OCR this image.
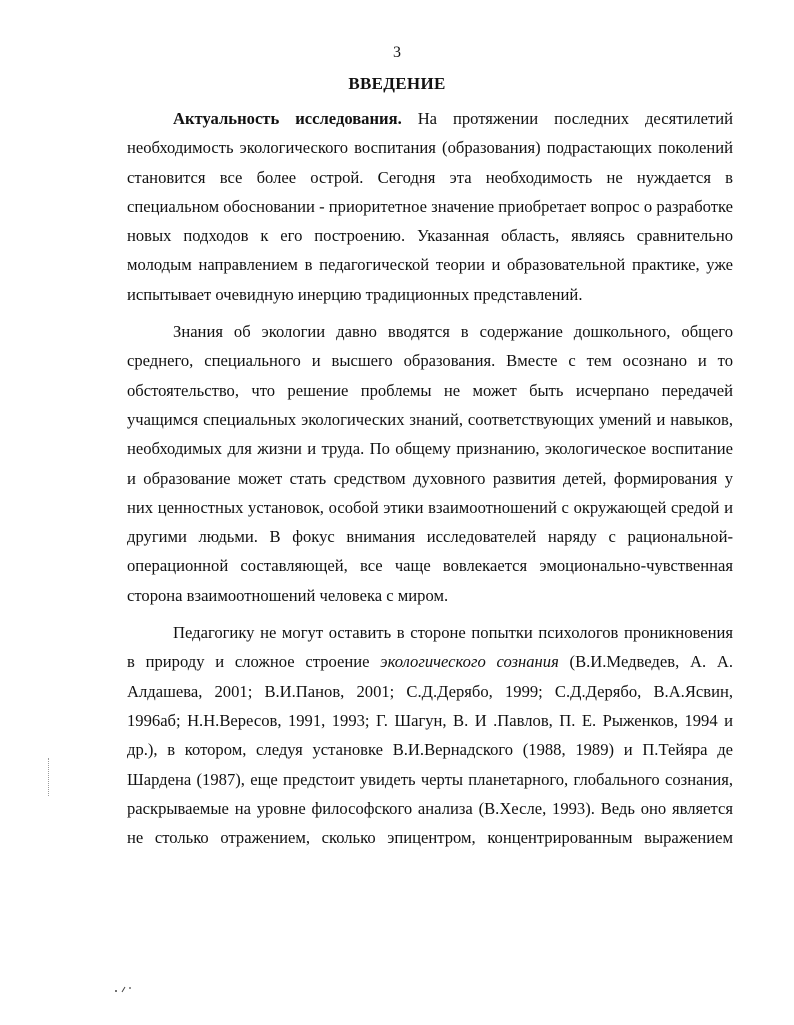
3
ВВЕДЕНИЕ

Актуальность исследования. На протяжении последних десятилетий необходимость экологического воспитания (образования) подрастающих поколений становится все более острой. Сегодня эта необходимость не нуждается в специальном обосновании - приоритетное значение приобретает вопрос о разработке новых подходов к его построению. Указанная область, являясь сравнительно молодым направлением в педагогической теории и образовательной практике, уже испытывает очевидную инерцию традиционных представлений.

Знания об экологии давно вводятся в содержание дошкольного, общего среднего, специального и высшего образования. Вместе с тем осознано и то обстоятельство, что решение проблемы не может быть исчерпано передачей учащимся специальных экологических знаний, соответствующих умений и навыков, необходимых для жизни и труда. По общему признанию, экологическое воспитание и образование может стать средством духовного развития детей, формирования у них ценностных установок, особой этики взаимоотношений с окружающей средой и другими людьми. В фокус внимания исследователей наряду с рациональной-операционной составляющей, все чаще вовлекается эмоционально-чувственная сторона взаимоотношений человека с миром.

Педагогику не могут оставить в стороне попытки психологов проникновения в природу и сложное строение экологического сознания (В.И.Медведев, А. А. Алдашева, 2001; В.И.Панов, 2001; С.Д.Дерябо, 1999; С.Д.Дерябо, В.А.Ясвин, 1996аб; Н.Н.Вересов, 1991, 1993; Г. Шагун, В. И .Павлов, П. Е. Рыженков, 1994 и др.), в котором, следуя установке В.И.Вернадского (1988, 1989) и П.Тейяра де Шардена (1987), еще предстоит увидеть черты планетарного, глобального сознания, раскрываемые на уровне философского анализа (В.Хесле, 1993). Ведь оно является не столько отражением, сколько эпицентром, концентрированным выражением
